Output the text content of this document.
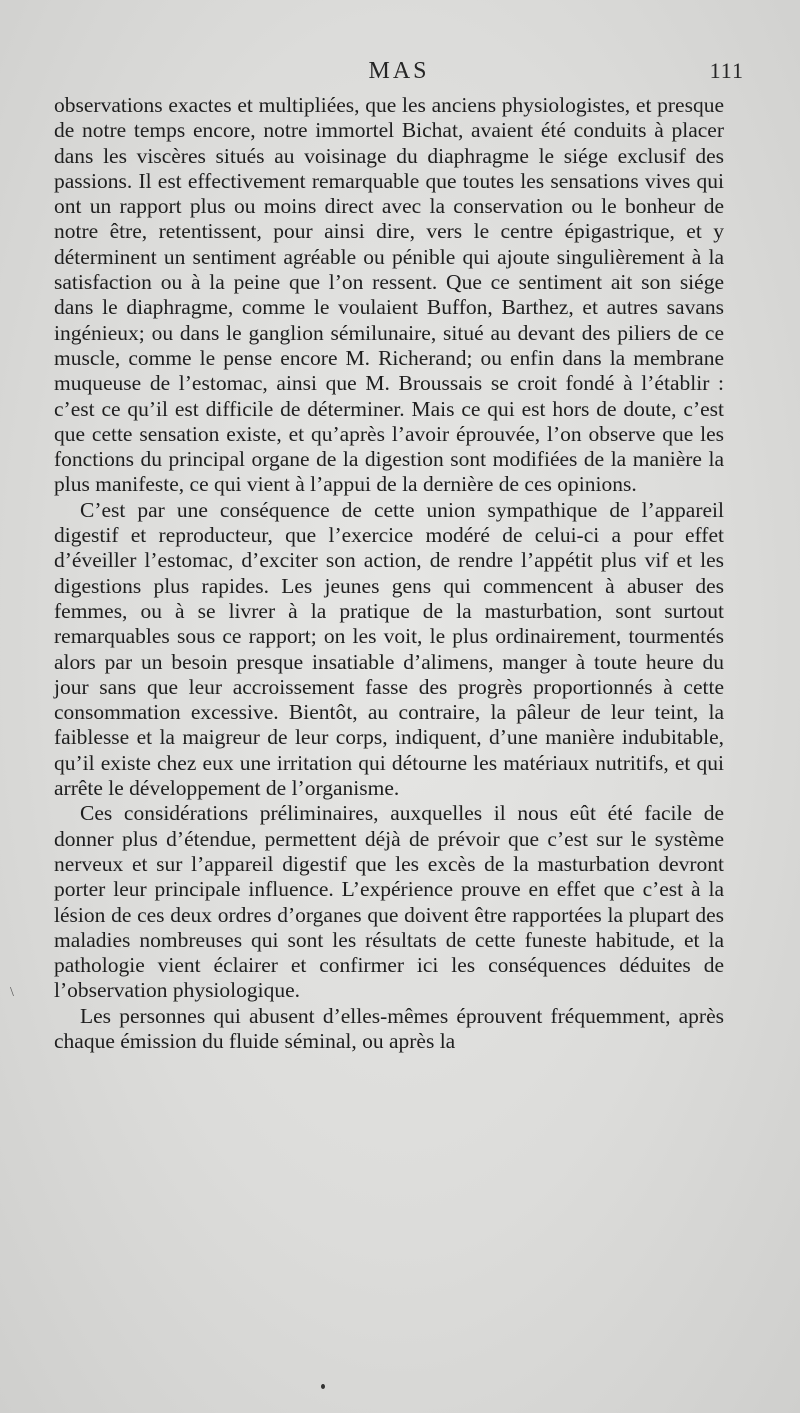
MAS	111

observations exactes et multipliées, que les anciens physiologistes, et presque de notre temps encore, notre immortel Bichat, avaient été conduits à placer dans les viscères situés au voisinage du diaphragme le siége exclusif des passions. Il est effectivement remarquable que toutes les sensations vives qui ont un rapport plus ou moins direct avec la conservation ou le bonheur de notre être, retentissent, pour ainsi dire, vers le centre épigastrique, et y déterminent un sentiment agréable ou pénible qui ajoute singulièrement à la satisfaction ou à la peine que l’on ressent. Que ce sentiment ait son siége dans le diaphragme, comme le voulaient Buffon, Barthez, et autres savans ingénieux; ou dans le ganglion sémilunaire, situé au devant des piliers de ce muscle, comme le pense encore M. Richerand; ou enfin dans la membrane muqueuse de l’estomac, ainsi que M. Broussais se croit fondé à l’établir : c’est ce qu’il est difficile de déterminer. Mais ce qui est hors de doute, c’est que cette sensation existe, et qu’après l’avoir éprouvée, l’on observe que les fonctions du principal organe de la digestion sont modifiées de la manière la plus manifeste, ce qui vient à l’appui de la dernière de ces opinions.

C’est par une conséquence de cette union sympathique de l’appareil digestif et reproducteur, que l’exercice modéré de celui-ci a pour effet d’éveiller l’estomac, d’exciter son action, de rendre l’appétit plus vif et les digestions plus rapides. Les jeunes gens qui commencent à abuser des femmes, ou à se livrer à la pratique de la masturbation, sont surtout remarquables sous ce rapport; on les voit, le plus ordinairement, tourmentés alors par un besoin presque insatiable d’alimens, manger à toute heure du jour sans que leur accroissement fasse des progrès proportionnés à cette consommation excessive. Bientôt, au contraire, la pâleur de leur teint, la faiblesse et la maigreur de leur corps, indiquent, d’une manière indubitable, qu’il existe chez eux une irritation qui détourne les matériaux nutritifs, et qui arrête le développement de l’organisme.

Ces considérations préliminaires, auxquelles il nous eût été facile de donner plus d’étendue, permettent déjà de prévoir que c’est sur le système nerveux et sur l’appareil digestif que les excès de la masturbation devront porter leur principale influence. L’expérience prouve en effet que c’est à la lésion de ces deux ordres d’organes que doivent être rapportées la plupart des maladies nombreuses qui sont les résultats de cette funeste habitude, et la pathologie vient éclairer et confirmer ici les conséquences déduites de l’observation physiologique.

Les personnes qui abusent d’elles-mêmes éprouvent fréquemment, après chaque émission du fluide séminal, ou après la

\
